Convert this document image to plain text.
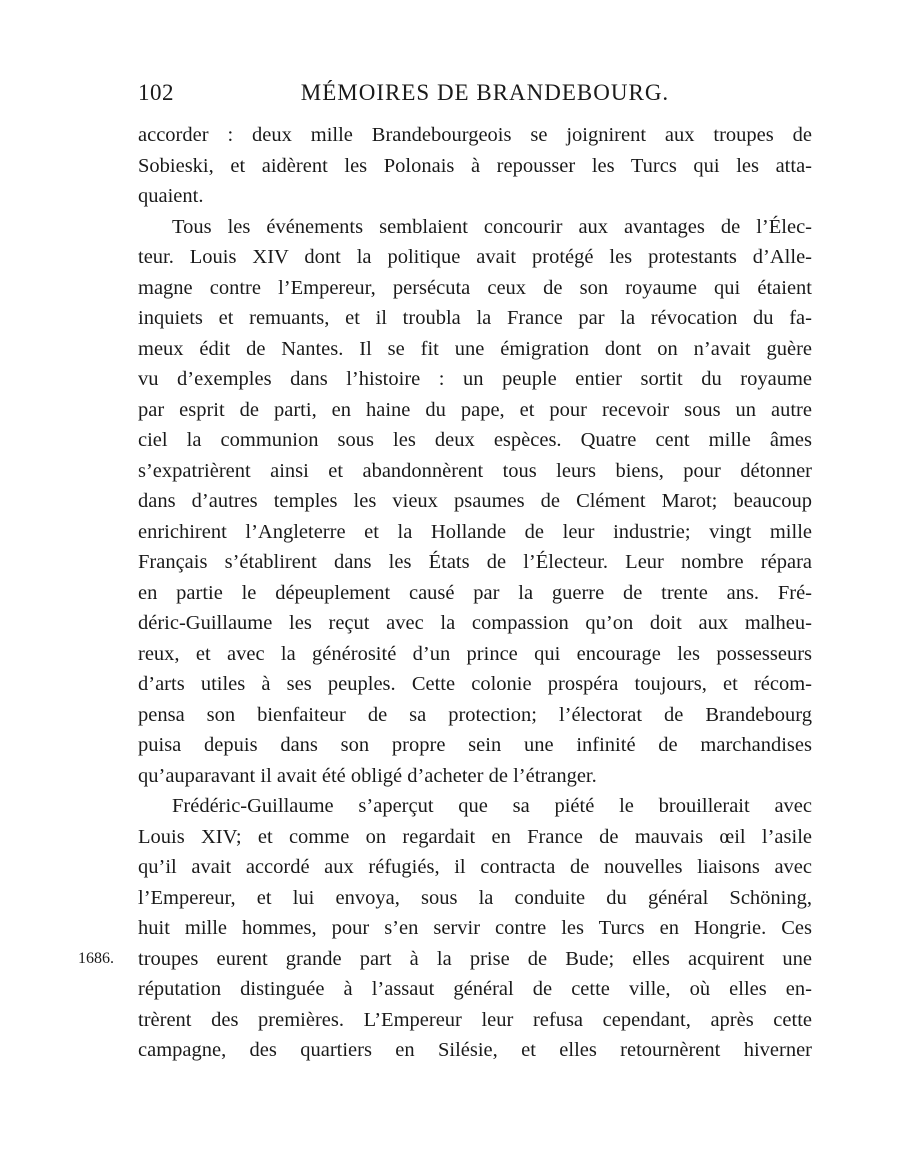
102	MÉMOIRES DE BRANDEBOURG.
accorder : deux mille Brandebourgeois se joignirent aux troupes de
Sobieski, et aidèrent les Polonais à repousser les Turcs qui les atta-
quaient.
Tous les événements semblaient concourir aux avantages de l’Élec-
teur. Louis XIV dont la politique avait protégé les protestants d’Alle-
magne contre l’Empereur, persécuta ceux de son royaume qui étaient
inquiets et remuants, et il troubla la France par la révocation du fa-
meux édit de Nantes. Il se fit une émigration dont on n’avait guère
vu d’exemples dans l’histoire : un peuple entier sortit du royaume
par esprit de parti, en haine du pape, et pour recevoir sous un autre
ciel la communion sous les deux espèces. Quatre cent mille âmes
s’expatrièrent ainsi et abandonnèrent tous leurs biens, pour détonner
dans d’autres temples les vieux psaumes de Clément Marot; beaucoup
enrichirent l’Angleterre et la Hollande de leur industrie; vingt mille
Français s’établirent dans les États de l’Électeur. Leur nombre répara
en partie le dépeuplement causé par la guerre de trente ans. Fré-
déric-Guillaume les reçut avec la compassion qu’on doit aux malheu-
reux, et avec la générosité d’un prince qui encourage les possesseurs
d’arts utiles à ses peuples. Cette colonie prospéra toujours, et récom-
pensa son bienfaiteur de sa protection; l’électorat de Brandebourg
puisa depuis dans son propre sein une infinité de marchandises
qu’auparavant il avait été obligé d’acheter de l’étranger.
Frédéric-Guillaume s’aperçut que sa piété le brouillerait avec
Louis XIV; et comme on regardait en France de mauvais œil l’asile
qu’il avait accordé aux réfugiés, il contracta de nouvelles liaisons avec
l’Empereur, et lui envoya, sous la conduite du général Schöning,
huit mille hommes, pour s’en servir contre les Turcs en Hongrie. Ces
1686. troupes eurent grande part à la prise de Bude; elles acquirent une
réputation distinguée à l’assaut général de cette ville, où elles en-
trèrent des premières. L’Empereur leur refusa cependant, après cette
campagne, des quartiers en Silésie, et elles retournèrent hiverner
